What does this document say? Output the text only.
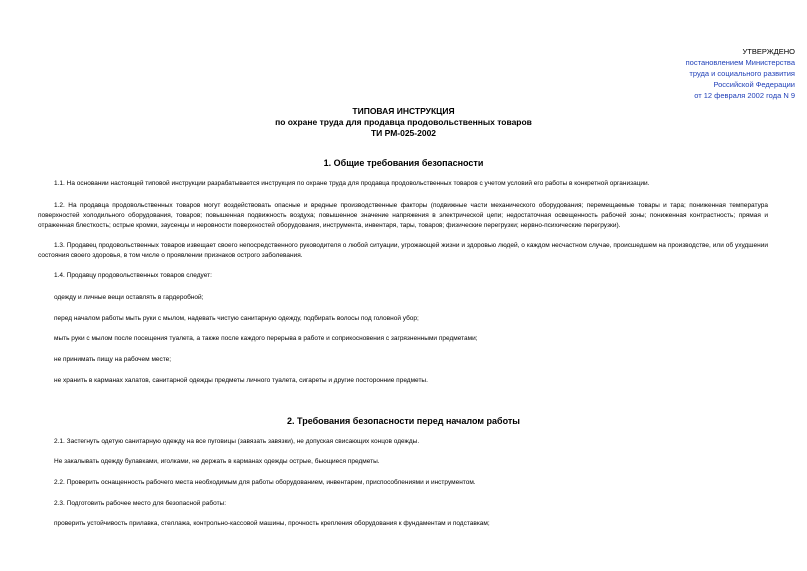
УТВЕРЖДЕНО
постановлением Министерства
труда и социального развития
Российской Федерации
от 12 февраля 2002 года N 9
ТИПОВАЯ ИНСТРУКЦИЯ
по охране труда для продавца продовольственных товаров
ТИ РМ-025-2002
1. Общие требования безопасности
1.1. На основании настоящей типовой инструкции разрабатывается инструкция по охране труда для продавца продовольственных товаров с учетом условий его работы в конкретной организации.
1.2. На продавца продовольственных товаров могут воздействовать опасные и вредные производственные факторы (подвижные части механического оборудования; перемещаемые товары и тара; пониженная температура поверхностей холодильного оборудования, товаров; повышенная подвижность воздуха; повышенное значение напряжения в электрической цепи; недостаточная освещенность рабочей зоны; пониженная контрастность; прямая и отраженная блесткость; острые кромки, заусенцы и неровности поверхностей оборудования, инструмента, инвентаря, тары, товаров; физические перегрузки; нервно-психические перегрузки).
1.3. Продавец продовольственных товаров извещает своего непосредственного руководителя о любой ситуации, угрожающей жизни и здоровью людей, о каждом несчастном случае, происшедшем на производстве, или об ухудшении состояния своего здоровья, в том числе о проявлении признаков острого заболевания.
1.4. Продавцу продовольственных товаров следует:
одежду и личные вещи оставлять в гардеробной;
перед началом работы мыть руки с мылом, надевать чистую санитарную одежду, подбирать волосы под головной убор;
мыть руки с мылом после посещения туалета, а также после каждого перерыва в работе и соприкосновения с загрязненными предметами;
не принимать пищу на рабочем месте;
не хранить в карманах халатов, санитарной одежды предметы личного туалета, сигареты и другие посторонние предметы.
2. Требования безопасности перед началом работы
2.1. Застегнуть одетую санитарную одежду на все пуговицы (завязать завязки), не допуская свисающих концов одежды.
Не закалывать одежду булавками, иголками, не держать в карманах одежды острые, бьющиеся предметы.
2.2. Проверить оснащенность рабочего места необходимым для работы оборудованием, инвентарем, приспособлениями и инструментом.
2.3. Подготовить рабочее место для безопасной работы:
проверить устойчивость прилавка, стеллажа, контрольно-кассовой машины, прочность крепления оборудования к фундаментам и подставкам;
